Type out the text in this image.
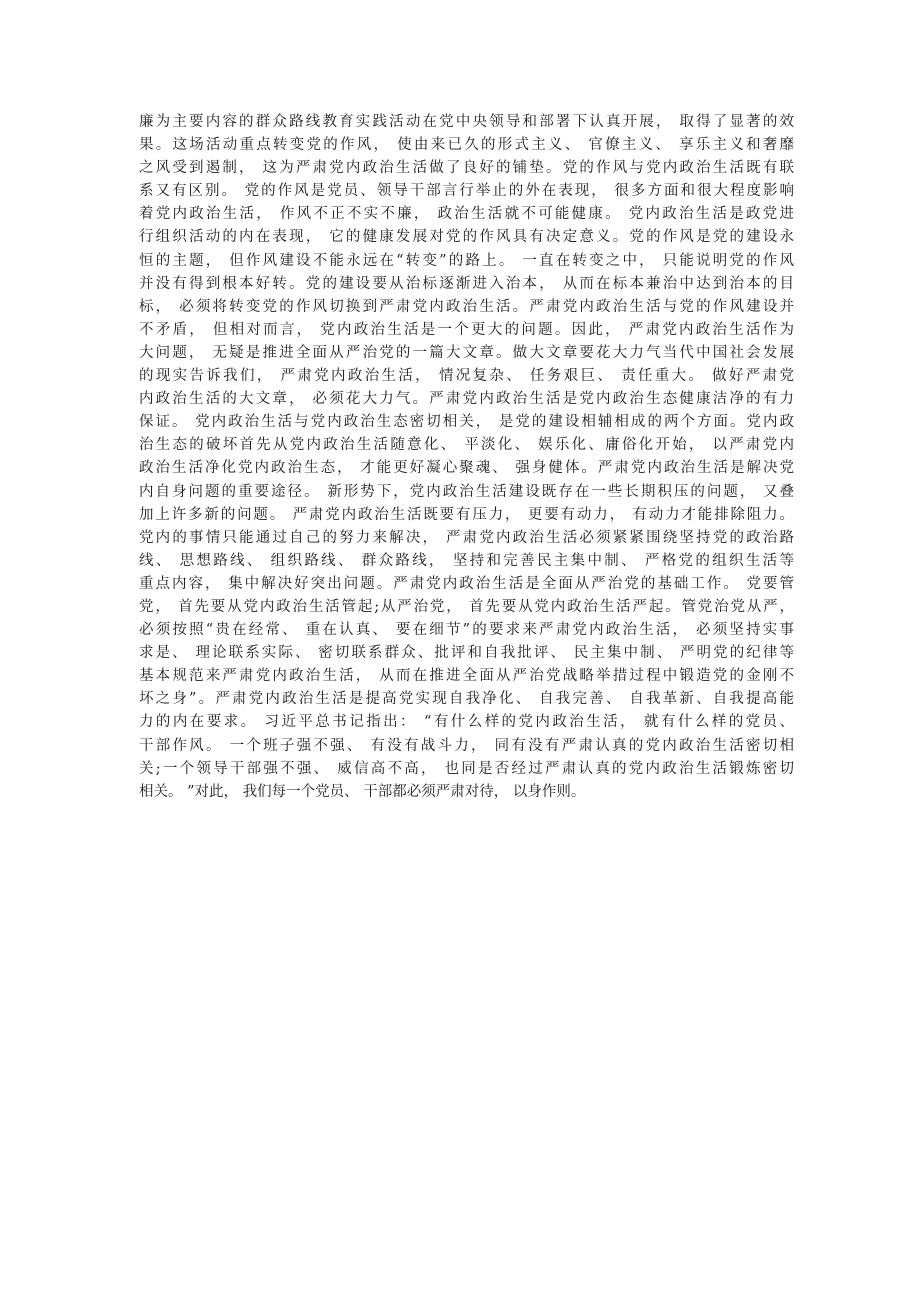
廉为主要内容的群众路线教育实践活动在党中央领导和部署下认真开展， 取得了显著的效
果。这场活动重点转变党的作风， 使由来已久的形式主义、 官僚主义、 享乐主义和奢靡
之风受到遏制， 这为严肃党内政治生活做了良好的铺垫。党的作风与党内政治生活既有联
系又有区别。 党的作风是党员、领导干部言行举止的外在表现， 很多方面和很大程度影响
着党内政治生活， 作风不正不实不廉， 政治生活就不可能健康。 党内政治生活是政党进
行组织活动的内在表现， 它的健康发展对党的作风具有决定意义。党的作风是党的建设永
恒的主题， 但作风建设不能永远在“转变”的路上。 一直在转变之中， 只能说明党的作风
并没有得到根本好转。党的建设要从治标逐渐进入治本， 从而在标本兼治中达到治本的目
标， 必须将转变党的作风切换到严肃党内政治生活。严肃党内政治生活与党的作风建设并
不矛盾， 但相对而言， 党内政治生活是一个更大的问题。因此， 严肃党内政治生活作为
大问题， 无疑是推进全面从严治党的一篇大文章。做大文章要花大力气当代中国社会发展
的现实告诉我们， 严肃党内政治生活， 情况复杂、 任务艰巨、 责任重大。 做好严肃党
内政治生活的大文章， 必须花大力气。严肃党内政治生活是党内政治生态健康洁净的有力
保证。 党内政治生活与党内政治生态密切相关， 是党的建设相辅相成的两个方面。党内政
治生态的破坏首先从党内政治生活随意化、 平淡化、 娱乐化、庸俗化开始， 以严肃党内
政治生活净化党内政治生态， 才能更好凝心聚魂、 强身健体。严肃党内政治生活是解决党
内自身问题的重要途径。 新形势下，党内政治生活建设既存在一些长期积压的问题， 又叠
加上许多新的问题。 严肃党内政治生活既要有压力， 更要有动力， 有动力才能排除阻力。
党内的事情只能通过自己的努力来解决， 严肃党内政治生活必须紧紧围绕坚持党的政治路
线、 思想路线、 组织路线、 群众路线， 坚持和完善民主集中制、 严格党的组织生活等
重点内容， 集中解决好突出问题。严肃党内政治生活是全面从严治党的基础工作。 党要管
党， 首先要从党内政治生活管起;从严治党， 首先要从党内政治生活严起。管党治党从严，
必须按照“贵在经常、 重在认真、 要在细节”的要求来严肃党内政治生活， 必须坚持实事
求是、 理论联系实际、 密切联系群众、批评和自我批评、 民主集中制、 严明党的纪律等
基本规范来严肃党内政治生活， 从而在推进全面从严治党战略举措过程中锻造党的金刚不
坏之身”。严肃党内政治生活是提高党实现自我净化、 自我完善、 自我革新、自我提高能
力的内在要求。 习近平总书记指出： “有什么样的党内政治生活， 就有什么样的党员、
干部作风。 一个班子强不强、 有没有战斗力， 同有没有严肃认真的党内政治生活密切相
关;一个领导干部强不强、 威信高不高， 也同是否经过严肃认真的党内政治生活锻炼密切
相关。 ”对此， 我们每一个党员、 干部都必须严肃对待， 以身作则。
